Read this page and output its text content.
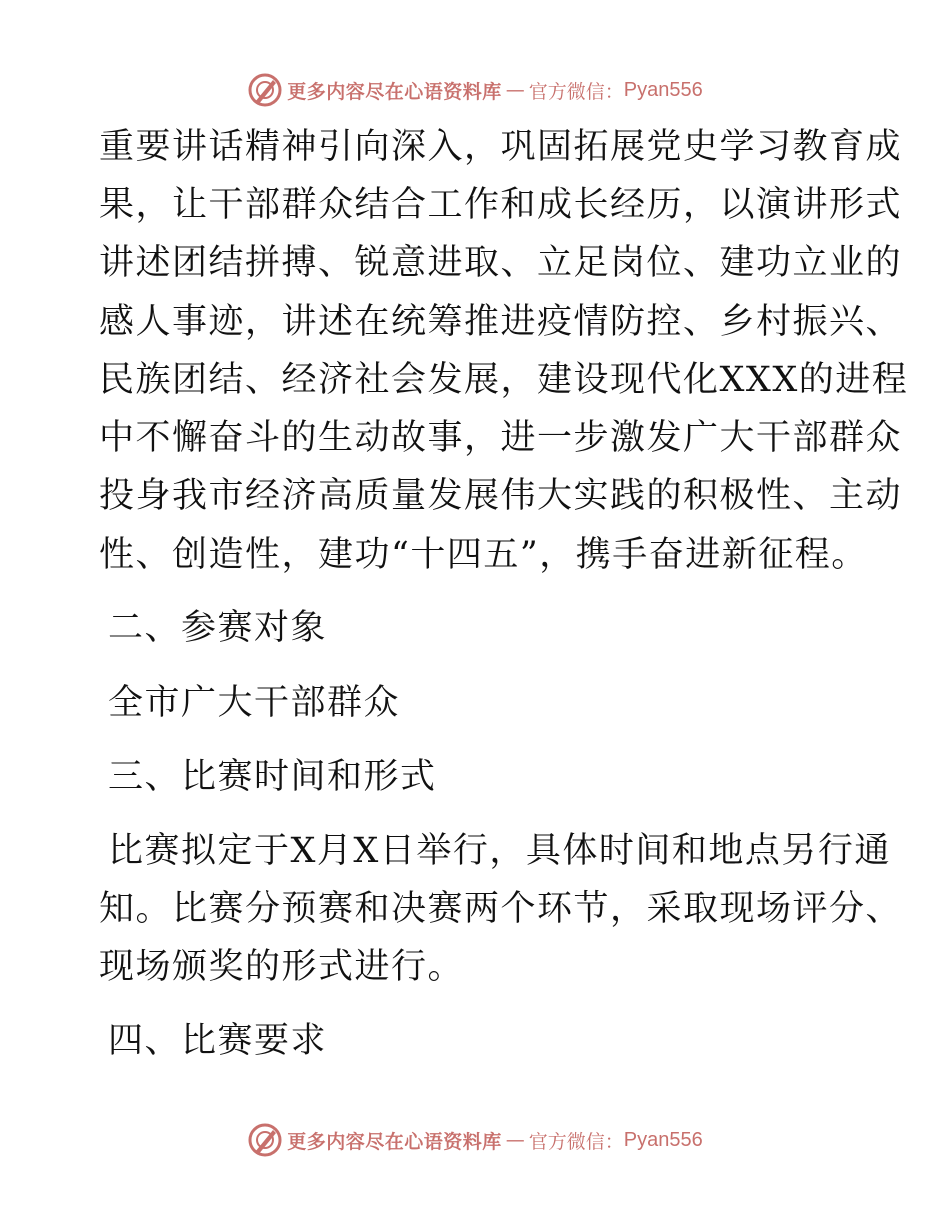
更多内容尽在心语资料库 — 官方微信： Pyan556
重要讲话精神引向深入，巩固拓展党史学习教育成
果，让干部群众结合工作和成长经历，以演讲形式
讲述团结拼搏、锐意进取、立足岗位、建功立业的
感人事迹，讲述在统筹推进疫情防控、乡村振兴、
民族团结、经济社会发展，建设现代化XXX的进程
中不懈奋斗的生动故事，进一步激发广大干部群众
投身我市经济高质量发展伟大实践的积极性、主动
性、创造性，建功“十四五”，携手奋进新征程。
二、参赛对象
全市广大干部群众
三、比赛时间和形式
比赛拟定于X月X日举行，具体时间和地点另行通
知。比赛分预赛和决赛两个环节，采取现场评分、
现场颁奖的形式进行。
四、比赛要求
更多内容尽在心语资料库 — 官方微信： Pyan556
